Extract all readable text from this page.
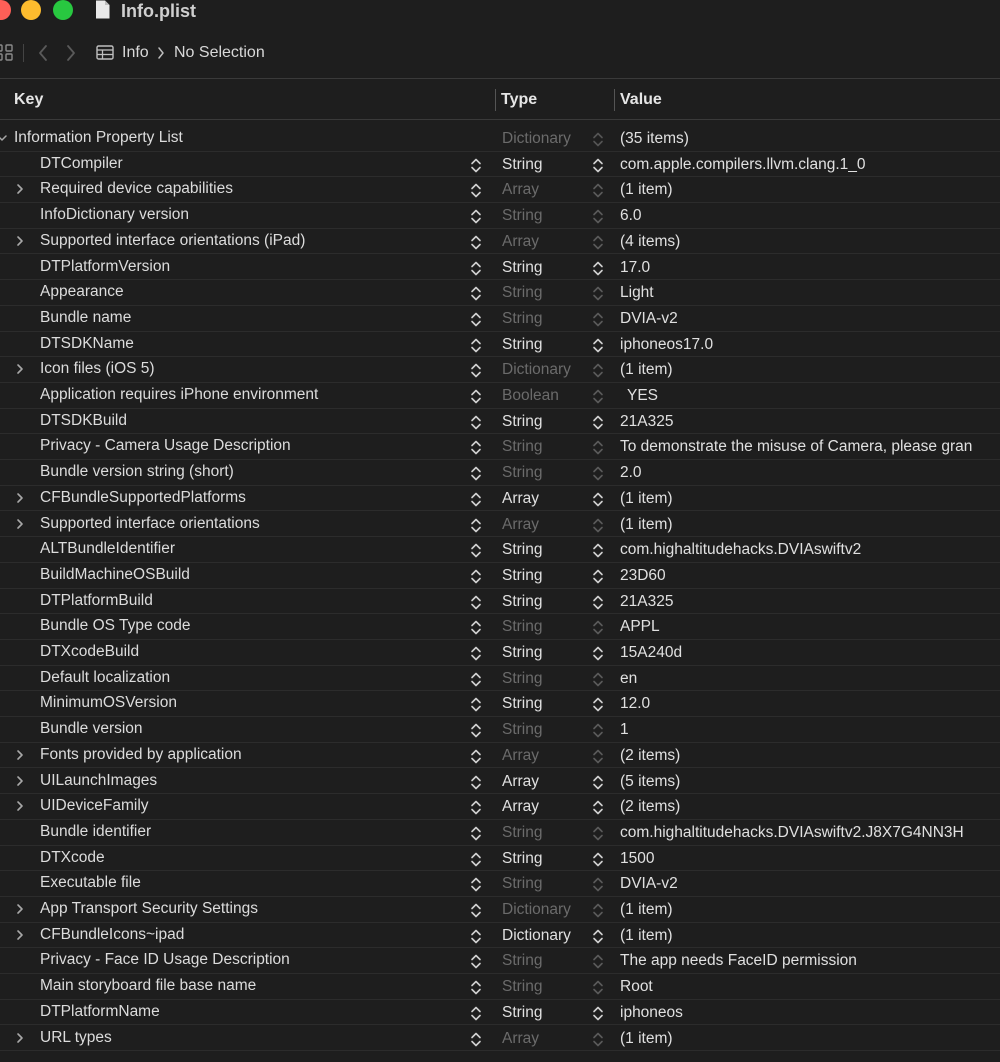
Info.plist
Info No Selection
Key	Type	Value
Information Property List	Dictionary	(35 items)
DTCompiler	String	com.apple.compilers.llvm.clang.1_0
Required device capabilities	Array	(1 item)
InfoDictionary version	String	6.0
Supported interface orientations (iPad)	Array	(4 items)
DTPlatformVersion	String	17.0
Appearance	String	Light
Bundle name	String	DVIA-v2
DTSDKName	String	iphoneos17.0
Icon files (iOS 5)	Dictionary	(1 item)
Application requires iPhone environment	Boolean	YES
DTSDKBuild	String	21A325
Privacy - Camera Usage Description	String	To demonstrate the misuse of Camera, please gran
Bundle version string (short)	String	2.0
CFBundleSupportedPlatforms	Array	(1 item)
Supported interface orientations	Array	(1 item)
ALTBundleIdentifier	String	com.highaltitudehacks.DVIAswiftv2
BuildMachineOSBuild	String	23D60
DTPlatformBuild	String	21A325
Bundle OS Type code	String	APPL
DTXcodeBuild	String	15A240d
Default localization	String	en
MinimumOSVersion	String	12.0
Bundle version	String	1
Fonts provided by application	Array	(2 items)
UILaunchImages	Array	(5 items)
UIDeviceFamily	Array	(2 items)
Bundle identifier	String	com.highaltitudehacks.DVIAswiftv2.J8X7G4NN3H
DTXcode	String	1500
Executable file	String	DVIA-v2
App Transport Security Settings	Dictionary	(1 item)
CFBundleIcons~ipad	Dictionary	(1 item)
Privacy - Face ID Usage Description	String	The app needs FaceID permission
Main storyboard file base name	String	Root
DTPlatformName	String	iphoneos
URL types	Array	(1 item)
